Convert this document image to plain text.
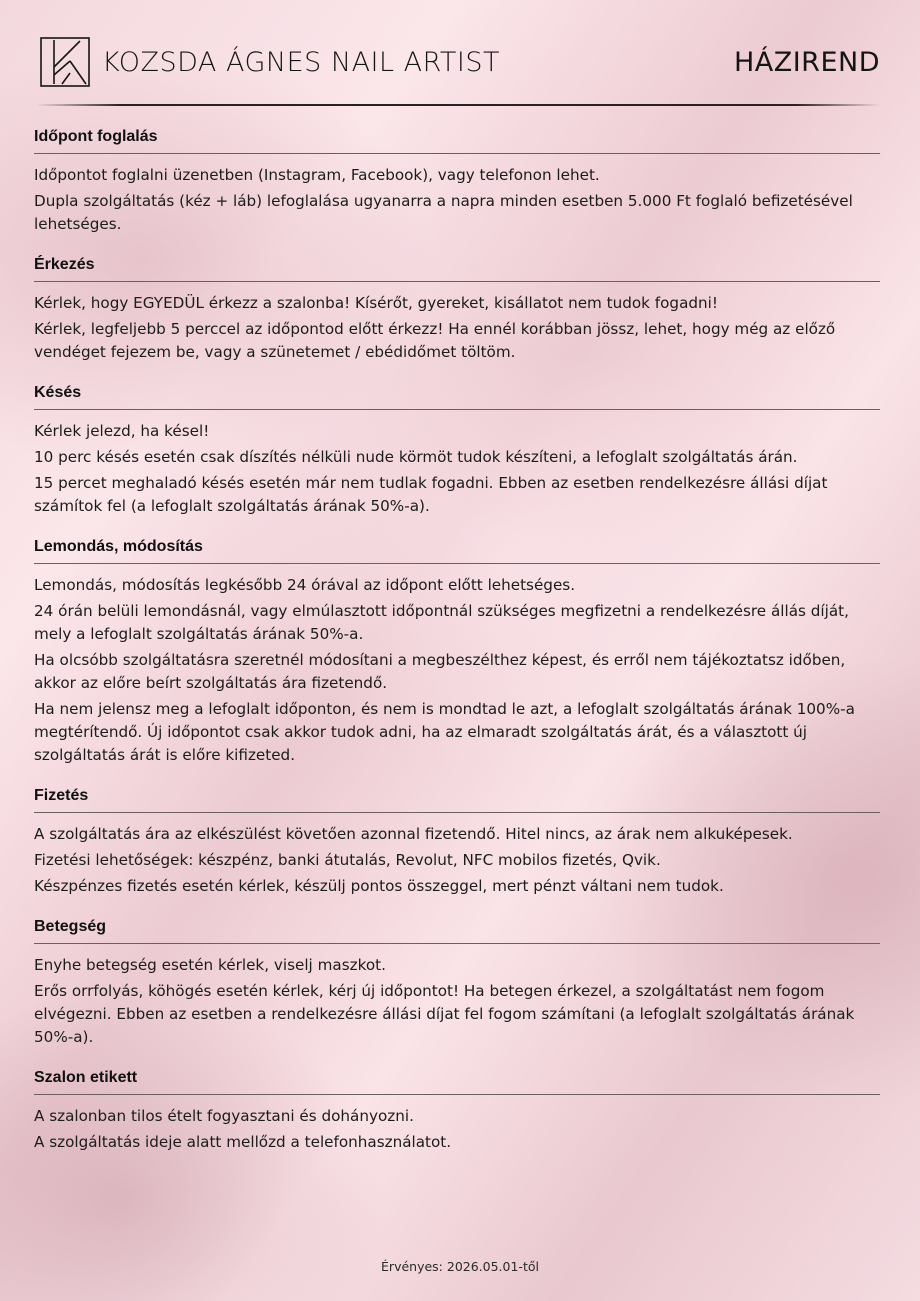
KOZSDA ÁGNES NAIL ARTIST	HÁZIREND
Időpont foglalás

Időpontot foglalni üzenetben (Instagram, Facebook), vagy telefonon lehet.

Dupla szolgáltatás (kéz + láb) lefoglalása ugyanarra a napra minden esetben 5.000 Ft foglaló befizetésével lehetséges.

Érkezés

Kérlek, hogy EGYEDÜL érkezz a szalonba! Kísérőt, gyereket, kisállatot nem tudok fogadni!

Kérlek, legfeljebb 5 perccel az időpontod előtt érkezz! Ha ennél korábban jössz, lehet, hogy még az előző vendéget fejezem be, vagy a szünetemet / ebédidőmet töltöm.

Késés

Kérlek jelezd, ha késel!

10 perc késés esetén csak díszítés nélküli nude körmöt tudok készíteni, a lefoglalt szolgáltatás árán.

15 percet meghaladó késés esetén már nem tudlak fogadni. Ebben az esetben rendelkezésre állási díjat számítok fel (a lefoglalt szolgáltatás árának 50%-a).

Lemondás, módosítás

Lemondás, módosítás legkésőbb 24 órával az időpont előtt lehetséges.

24 órán belüli lemondásnál, vagy elmúlasztott időpontnál szükséges megfizetni a rendelkezésre állás díját, mely a lefoglalt szolgáltatás árának 50%-a.

Ha olcsóbb szolgáltatásra szeretnél módosítani a megbeszélthez képest, és erről nem tájékoztatsz időben, akkor az előre beírt szolgáltatás ára fizetendő.

Ha nem jelensz meg a lefoglalt időponton, és nem is mondtad le azt, a lefoglalt szolgáltatás árának 100%-a megtérítendő. Új időpontot csak akkor tudok adni, ha az elmaradt szolgáltatás árát, és a választott új szolgáltatás árát is előre kifizeted.

Fizetés

A szolgáltatás ára az elkészülést követően azonnal fizetendő. Hitel nincs, az árak nem alkuképesek.

Fizetési lehetőségek: készpénz, banki átutalás, Revolut, NFC mobilos fizetés, Qvik.

Készpénzes fizetés esetén kérlek, készülj pontos összeggel, mert pénzt váltani nem tudok.

Betegség

Enyhe betegség esetén kérlek, viselj maszkot.

Erős orrfolyás, köhögés esetén kérlek, kérj új időpontot! Ha betegen érkezel, a szolgáltatást nem fogom elvégezni. Ebben az esetben a rendelkezésre állási díjat fel fogom számítani (a lefoglalt szolgáltatás árának 50%-a).

Szalon etikett

A szalonban tilos ételt fogyasztani és dohányozni.

A szolgáltatás ideje alatt mellőzd a telefonhasználatot.

Érvényes: 2026.05.01-től
